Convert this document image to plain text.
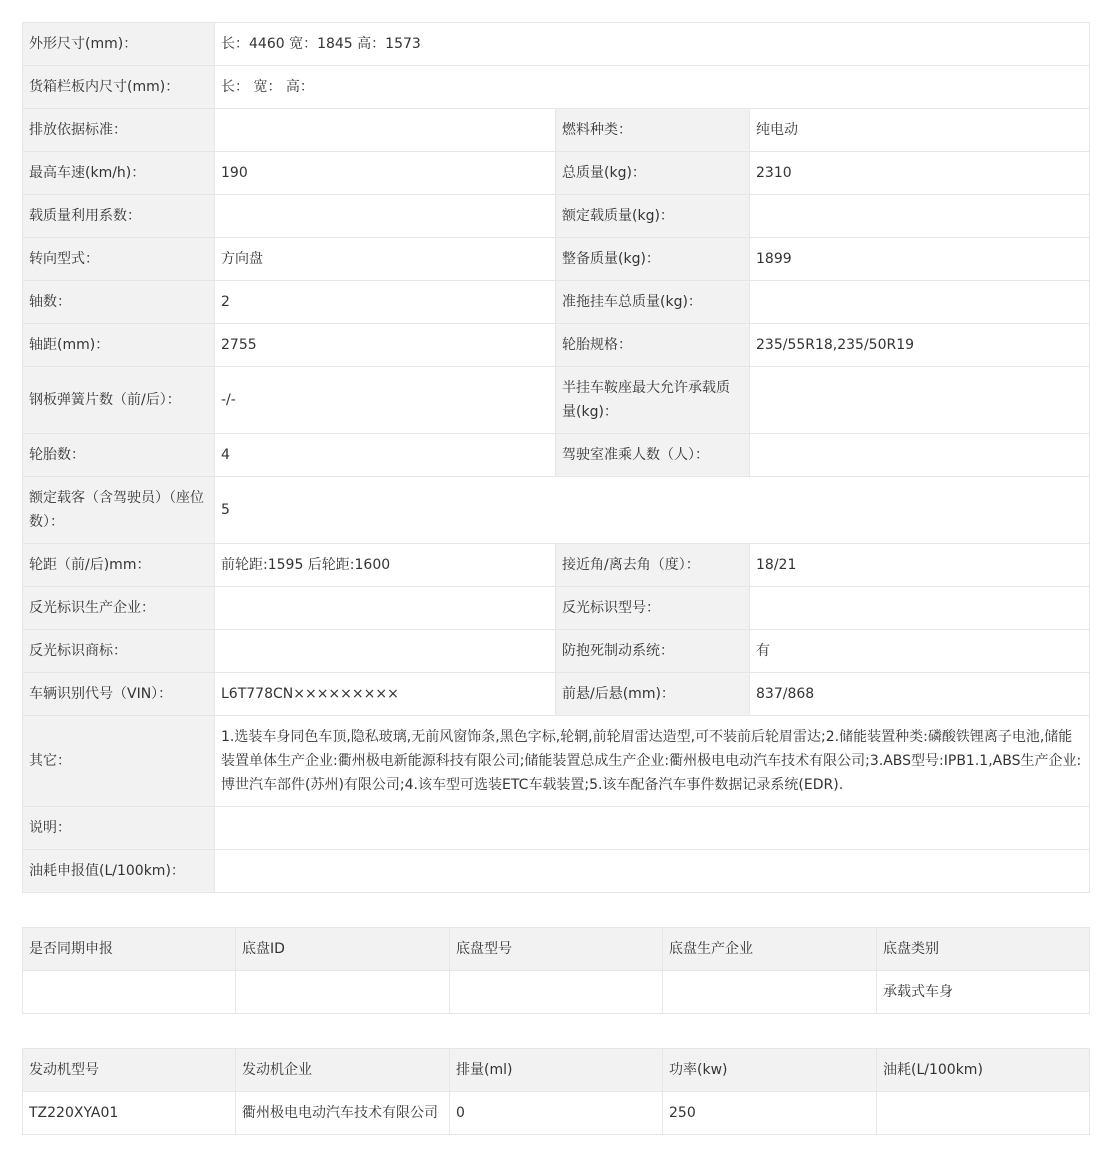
外形尺寸(mm)：	长：4460 宽：1845 高：1573		
货箱栏板内尺寸(mm)：	长： 宽： 高：		
排放依据标准：		燃料种类：	纯电动
最高车速(km/h)：	190	总质量(kg)：	2310
载质量利用系数：		额定载质量(kg)：	
转向型式：	方向盘	整备质量(kg)：	1899
轴数：	2	准拖挂车总质量(kg)：	
轴距(mm)：	2755	轮胎规格：	235/55R18,235/50R19
钢板弹簧片数（前/后）：	-/-	半挂车鞍座最大允许承载质量(kg)：	
轮胎数：	4	驾驶室准乘人数（人）：	
额定载客（含驾驶员）（座位数）：	5		
轮距（前/后)mm：	前轮距:1595 后轮距:1600	接近角/离去角（度）：	18/21
反光标识生产企业：		反光标识型号：	
反光标识商标：		防抱死制动系统：	有
车辆识别代号（VIN）：	L6T778CN×××××××××	前悬/后悬(mm)：	837/868
其它：	1.选装车身同色车顶,隐私玻璃,无前风窗饰条,黑色字标,轮辋,前轮眉雷达造型,可不装前后轮眉雷达;2.储能装置种类:磷酸铁锂离子电池,储能装置单体生产企业:衢州极电新能源科技有限公司;储能装置总成生产企业:衢州极电电动汽车技术有限公司;3.ABS型号:IPB1.1,ABS生产企业:博世汽车部件(苏州)有限公司;4.该车型可选装ETC车载装置;5.该车配备汽车事件数据记录系统(EDR).		
说明：			
油耗申报值(L/100km)：			
是否同期申报	底盘ID	底盘型号	底盘生产企业	底盘类别
				承载式车身
发动机型号	发动机企业	排量(ml)	功率(kw)	油耗(L/100km)
TZ220XYA01	衢州极电电动汽车技术有限公司	0	250	
